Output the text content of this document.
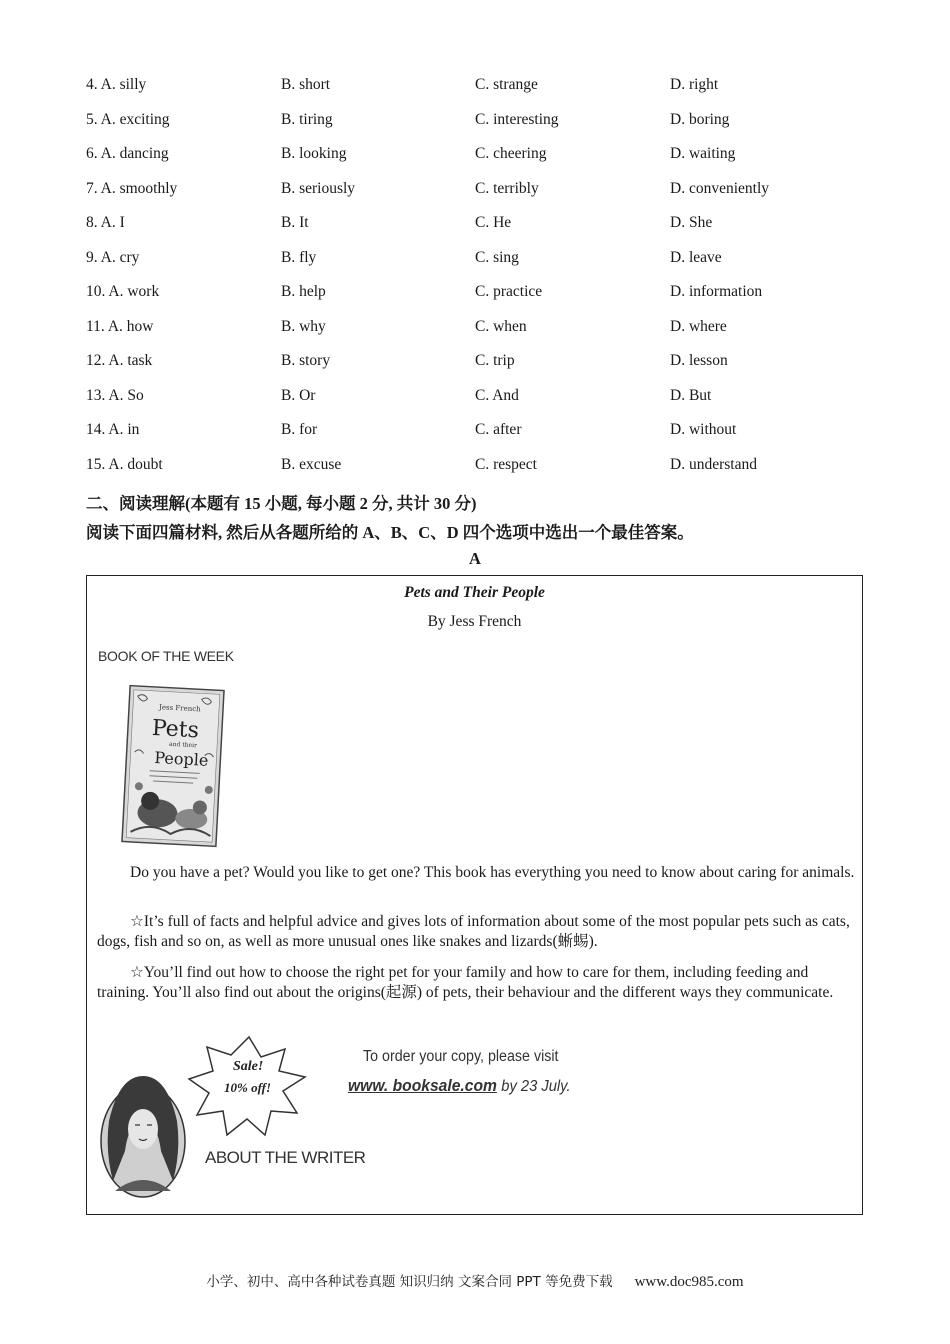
4. A. silly	B. short	C. strange	D. right
5. A. exciting	B. tiring	C. interesting	D. boring
6. A. dancing	B. looking	C. cheering	D. waiting
7. A. smoothly	B. seriously	C. terribly	D. conveniently
8. A. I	B. It	C. He	D. She
9. A. cry	B. fly	C. sing	D. leave
10. A. work	B. help	C. practice	D. information
11. A. how	B. why	C. when	D. where
12. A. task	B. story	C. trip	D. lesson
13. A. So	B. Or	C. And	D. But
14. A. in	B. for	C. after	D. without
15. A. doubt	B. excuse	C. respect	D. understand
二、阅读理解(本题有 15 小题, 每小题 2 分, 共计 30 分)
阅读下面四篇材料, 然后从各题所给的 A、B、C、D 四个选项中选出一个最佳答案。
A
Pets and Their People
By Jess French
BOOK OF THE WEEK
Jess French
Pets
and their
People
Do you have a pet? Would you like to get one? This book has everything you need to know about caring for animals.
☆It’s full of facts and helpful advice and gives lots of information about some of the most popular pets such as cats, dogs, fish and so on, as well as more unusual ones like snakes and lizards(蜥蜴).
☆You’ll find out how to choose the right pet for your family and how to care for them, including feeding and training. You’ll also find out about the origins(起源) of pets, their behaviour and the different ways they communicate.
Sale!
10% off!
To order your copy, please visit
www. booksale.com by 23 July.
ABOUT THE WRITER
小学、初中、高中各种试卷真题 知识归纳 文案合同 PPT 等免费下载 www.doc985.com
